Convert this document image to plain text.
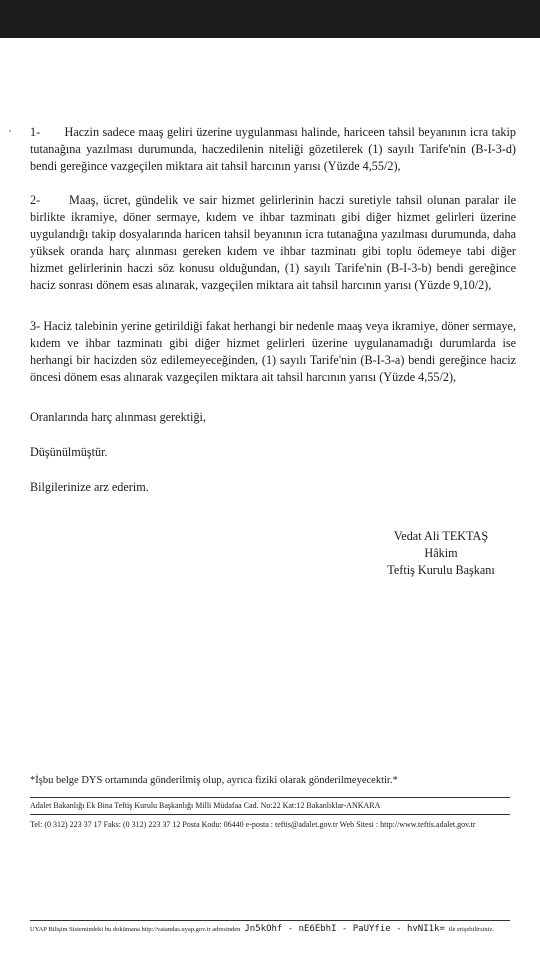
' 1-       Haczin sadece maaş geliri üzerine uygulanması halinde, hariceen tahsil beyanının icra takip tutanağına yazılması durumunda, haczedilenin niteliği gözetilerek (1) sayılı Tarife'nin (B-I-3-d) bendi gereğince vazgeçilen miktara ait tahsil harcının yarısı (Yüzde 4,55/2),

2-      Maaş, ücret, gündelik ve sair hizmet gelirlerinin haczi suretiyle tahsil olunan paralar ile birlikte ikramiye, döner sermaye, kıdem ve ihbar tazminatı gibi diğer hizmet gelirleri üzerine uygulandığı takip dosyalarında haricen tahsil beyanının icra tutanağına yazılması durumunda, daha yüksek oranda harç alınması gereken kıdem ve ihbar tazminatı gibi toplu ödemeye tabi diğer hizmet gelirlerinin haczi söz konusu olduğundan, (1) sayılı Tarife'nin (B-I-3-b) bendi gereğince haciz sonrası dönem esas alınarak, vazgeçilen miktara ait tahsil harcının yarısı (Yüzde 9,10/2),

3- Haciz talebinin yerine getirildiği fakat herhangi bir nedenle maaş veya ikramiye, döner sermaye, kıdem ve ihbar tazminatı gibi diğer hizmet gelirleri üzerine uygulanamadığı durumlarda ise herhangi bir hacizden söz edilemeyeceğinden, (1) sayılı Tarife'nin (B-I-3-a) bendi gereğince haciz öncesi dönem esas alınarak vazgeçilen miktara ait tahsil harcının yarısı (Yüzde 4,55/2),

Oranlarında harç alınması gerektiği,
Düşünülmüştür.
Bilgilerinize arz ederim.
Vedat Ali TEKTAŞ
Hâkim
Teftiş Kurulu Başkanı
*İşbu belge DYS ortamında gönderilmiş olup, ayrıca fiziki olarak gönderilmeyecektir.*
Adalet Bakanlığı Ek Bina Teftiş Kurulu Başkanlığı Milli Müdafaa Cad. No:22 Kat:12 Bakanlıklar-ANKARA
Tel: (0 312) 223 37 17 Faks: (0 312) 223 37 12 Posta Kodu: 06440 e-posta : teftis@adalet.gov.tr Web Sitesi : http://www.teftis.adalet.gov.tr
UYAP Bilişim Sistemindeki bu dokümana http://vatandas.uyap.gov.tr adresinden Jn5kOhf - nE6EbhI - PaUYfie - hvNI1k= ile erişebilirsiniz.
